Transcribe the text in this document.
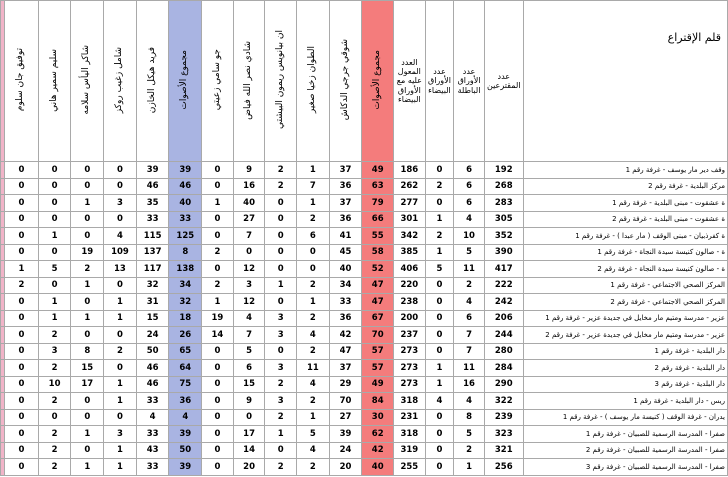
	توفيق جان سلوم	سليم سمير هاني	شاكر اليأس سلامه	شامل زغيب روكز	فريد هيكل الخازن	مجموع الأصوات	جو سامي زعيتي	شادي نصر الله فياض	ان بيانويس ريمون البيشتي	الطوان زخيا صغير	شوقي جرجي الدكاش	مجموع الأصوات	العدد المعول عليه مع الأوراق البيضاء	عدد الأوراق البيضاء	عدد الأوراق الباطلة	عدد المقترعين	قلم الإقتراع
	0	0	0	0	39	39	0	9	2	1	37	49	186	0	6	192	وقف دير مار يوسف - غرفة رقم 1
	0	0	0	0	46	46	0	16	2	7	36	63	262	2	6	268	مركز البلدية - غرفة رقم 2
	0	0	1	3	35	40	1	40	0	1	37	79	277	0	6	283	ة عشقوت - مبنى البلدية - غرفة رقم 1
	0	0	0	0	33	33	0	27	0	2	36	66	301	1	4	305	ة عشقوت - مبنى البلدية - غرفة رقم 2
	0	1	0	4	115	125	0	7	0	6	41	55	342	2	10	352	ة كفرذبيان - مبنى الوقف ( مار عبدا ) - غرفة رقم 1
	0	0	19	109	137	8	2	0	0	0	45	58	385	1	5	390	ة - صالون كنيسة سيدة النجاة - غرفة رقم 1
	1	5	2	13	117	138	0	12	0	0	40	52	406	5	11	417	ة - صالون كنيسة سيدة النجاة - غرفة رقم 2
	2	0	1	0	32	34	2	3	1	2	34	47	220	0	2	222	المركز الصحي الاجتماعي - غرفة رقم 1
	0	1	0	1	31	32	1	12	0	1	33	47	238	0	4	242	المركز الصحي الاجتماعي - غرفة رقم 2
	0	1	1	1	15	18	19	4	3	2	36	67	200	0	6	206	عزير - مدرسة ومتيم مار مخايل في جديدة عزير - غرفة رقم 1
	0	2	0	0	24	26	14	7	3	4	42	70	237	0	7	244	عزير - مدرسة ومتيم مار مخايل في جديدة عزير - غرفة رقم 2
	0	3	8	2	50	65	0	5	0	2	47	57	273	0	7	280	دار البلدية - غرفة رقم 1
	0	2	15	0	46	64	0	6	3	11	37	57	273	1	11	284	دار البلدية - غرفة رقم 2
	0	10	17	1	46	75	0	15	2	4	29	49	273	1	16	290	دار البلدية - غرفة رقم 3
	0	2	0	1	33	36	0	9	3	2	70	84	318	4	4	322	ريس - دار البلدية - غرفة رقم 1
	0	0	0	0	4	4	0	0	2	1	27	30	231	0	8	239	يدران - غرفة الوقف ( كنيسة مار يوسف ) - غرفة رقم 1
	0	2	1	3	33	39	0	17	1	5	39	62	318	0	5	323	صفرا - المدرسة الرسمية للصبيان - غرفة رقم 1
	0	2	0	1	43	50	0	14	0	4	24	42	319	0	2	321	صفرا - المدرسة الرسمية للصبيان - غرفة رقم 2
	0	2	1	1	33	39	0	20	2	2	20	40	255	0	1	256	صفرا - المدرسة الرسمية للصبيان - غرفة رقم 3
